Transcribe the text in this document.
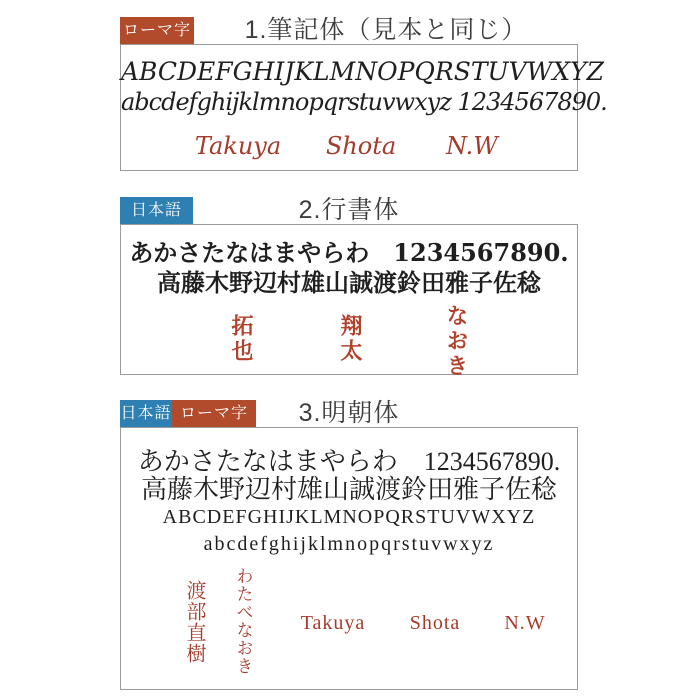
ローマ字	1.筆記体（見本と同じ）
ABCDEFGHIJKLMNOPQRSTUVWXYZ
abcdefghijklmnopqrstuvwxyz 1234567890.
Takuya Shota N.W
日本語	2.行書体
あかさたなはまやらわ　1234567890.
高藤木野辺村雄山誠渡鈴田雅子佐稔
拓也	翔太	なおき
日本語 ローマ字	3.明朝体
あかさたなはまやらわ　1234567890.
高藤木野辺村雄山誠渡鈴田雅子佐稔
ABCDEFGHIJKLMNOPQRSTUVWXYZ
abcdefghijklmnopqrstuvwxyz
渡部直樹 わたべなおき Takuya Shota N.W
